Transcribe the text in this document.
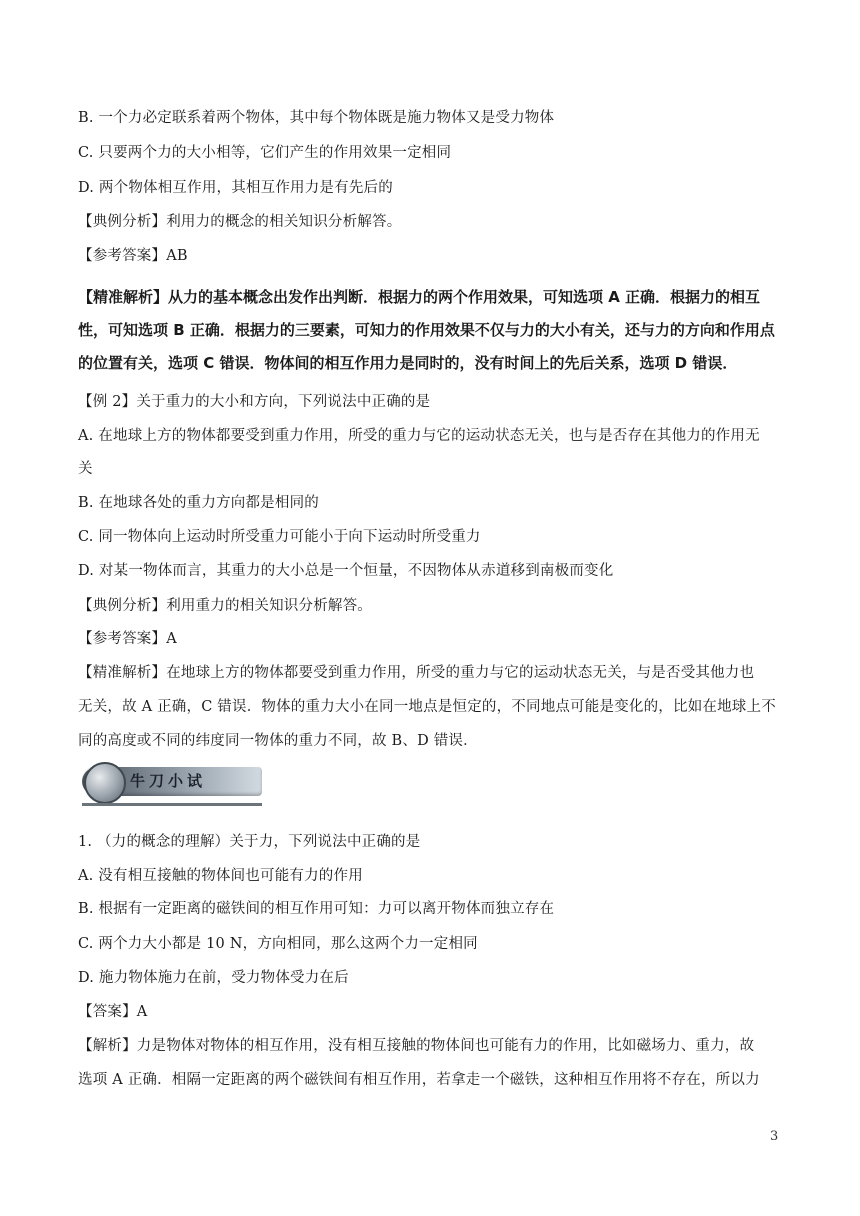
B. 一个力必定联系着两个物体，其中每个物体既是施力物体又是受力物体
C. 只要两个力的大小相等，它们产生的作用效果一定相同
D. 两个物体相互作用，其相互作用力是有先后的
【典例分析】利用力的概念的相关知识分析解答。
【参考答案】AB
【精准解析】从力的基本概念出发作出判断．根据力的两个作用效果，可知选项 A 正确．根据力的相互
性，可知选项 B 正确．根据力的三要素，可知力的作用效果不仅与力的大小有关，还与力的方向和作用点
的位置有关，选项 C 错误．物体间的相互作用力是同时的，没有时间上的先后关系，选项 D 错误．
【例 2】关于重力的大小和方向，下列说法中正确的是
A. 在地球上方的物体都要受到重力作用，所受的重力与它的运动状态无关，也与是否存在其他力的作用无
关
B. 在地球各处的重力方向都是相同的
C. 同一物体向上运动时所受重力可能小于向下运动时所受重力
D. 对某一物体而言，其重力的大小总是一个恒量，不因物体从赤道移到南极而变化
【典例分析】利用重力的相关知识分析解答。
【参考答案】A
【精准解析】在地球上方的物体都要受到重力作用，所受的重力与它的运动状态无关，与是否受其他力也
无关，故 A 正确，C 错误．物体的重力大小在同一地点是恒定的，不同地点可能是变化的，比如在地球上不
同的高度或不同的纬度同一物体的重力不同，故 B、D 错误．
牛刀小试
1. （力的概念的理解）关于力，下列说法中正确的是
A. 没有相互接触的物体间也可能有力的作用
B. 根据有一定距离的磁铁间的相互作用可知：力可以离开物体而独立存在
C. 两个力大小都是 10 N，方向相同，那么这两个力一定相同
D. 施力物体施力在前，受力物体受力在后
【答案】A
【解析】力是物体对物体的相互作用，没有相互接触的物体间也可能有力的作用，比如磁场力、重力，故
选项 A 正确．相隔一定距离的两个磁铁间有相互作用，若拿走一个磁铁，这种相互作用将不存在，所以力
3
